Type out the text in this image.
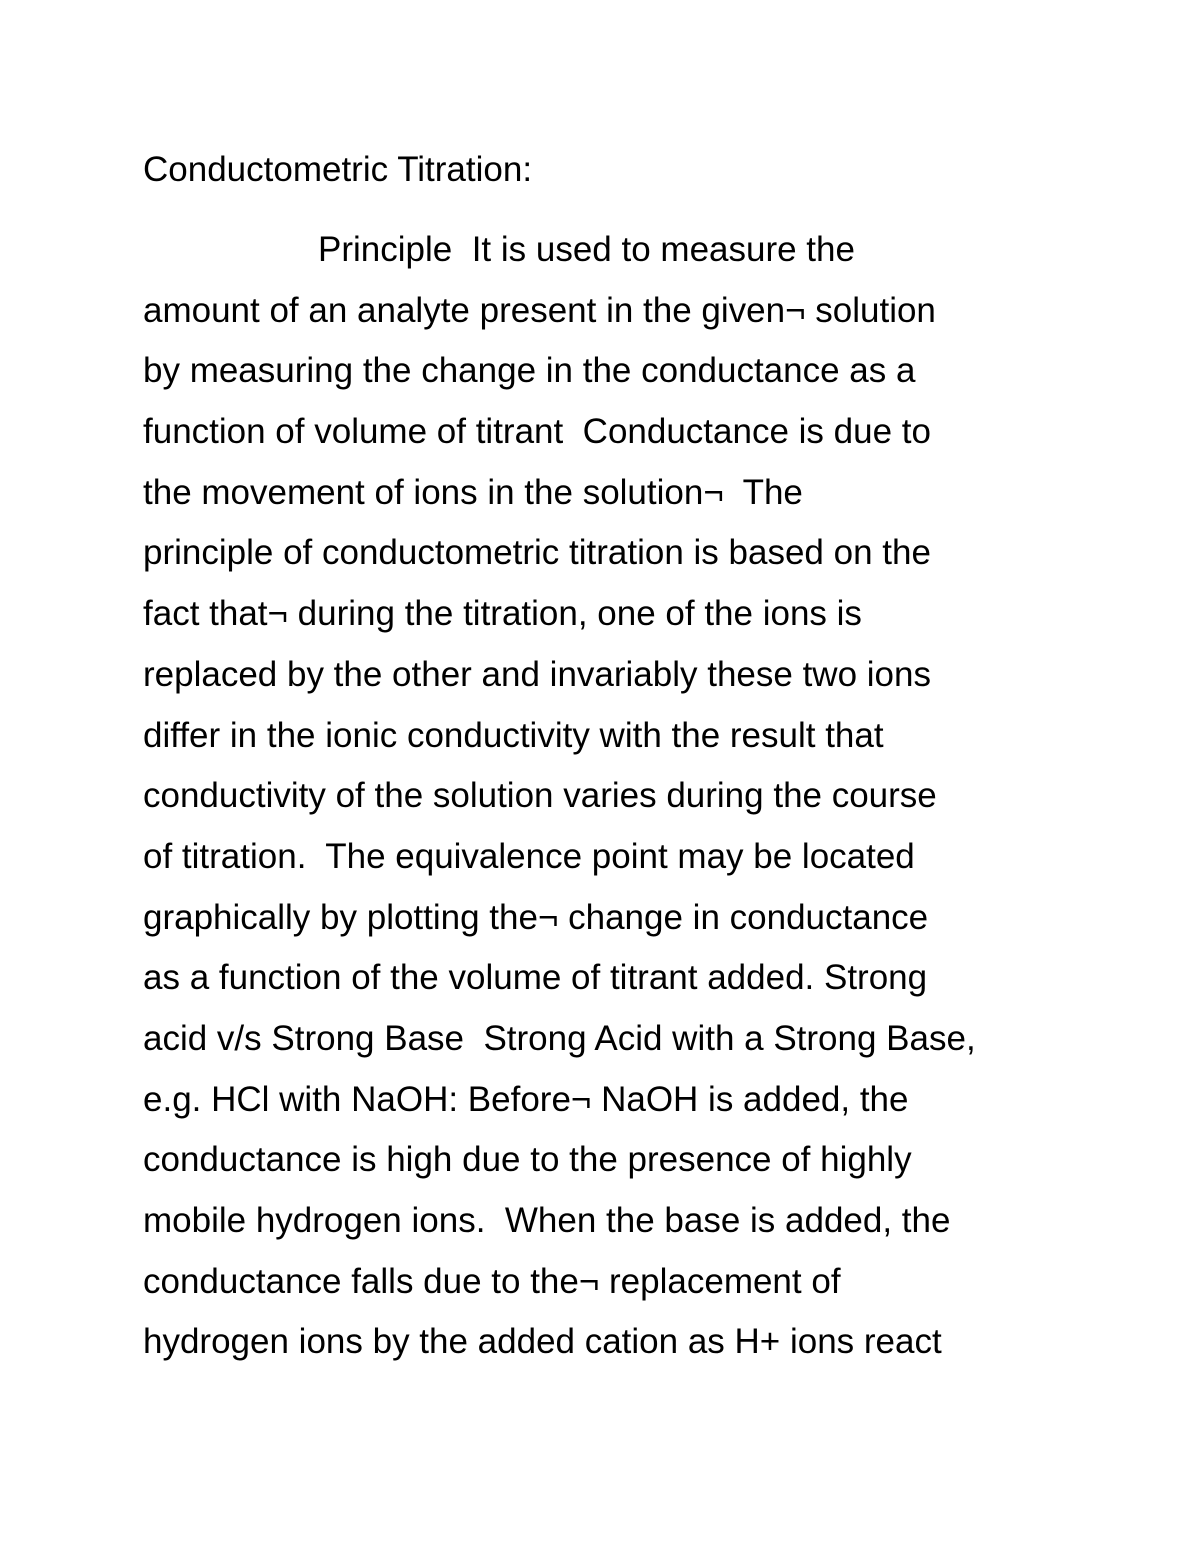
Conductometric Titration:
Principle  It is used to measure the
amount of an analyte present in the given¬ solution
by measuring the change in the conductance as a
function of volume of titrant  Conductance is due to
the movement of ions in the solution¬  The
principle of conductometric titration is based on the
fact that¬ during the titration, one of the ions is
replaced by the other and invariably these two ions
differ in the ionic conductivity with the result that
conductivity of the solution varies during the course
of titration.  The equivalence point may be located
graphically by plotting the¬ change in conductance
as a function of the volume of titrant added. Strong
acid v/s Strong Base  Strong Acid with a Strong Base,
e.g. HCl with NaOH: Before¬ NaOH is added, the
conductance is high due to the presence of highly
mobile hydrogen ions.  When the base is added, the
conductance falls due to the¬ replacement of
hydrogen ions by the added cation as H+ ions react
